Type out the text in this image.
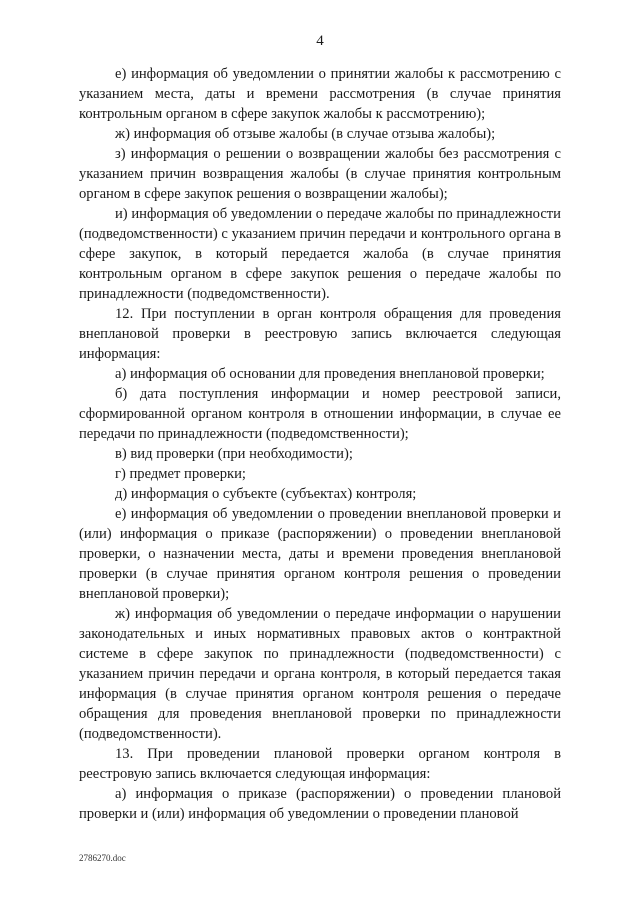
4

е) информация об уведомлении о принятии жалобы к рассмотрению с указанием места, даты и времени рассмотрения (в случае принятия контрольным органом в сфере закупок жалобы к рассмотрению);

ж) информация об отзыве жалобы (в случае отзыва жалобы);

з) информация о решении о возвращении жалобы без рассмотрения с указанием причин возвращения жалобы (в случае принятия контрольным органом в сфере закупок решения о возвращении жалобы);

и) информация об уведомлении о передаче жалобы по принадлежности (подведомственности) с указанием причин передачи и контрольного органа в сфере закупок, в который передается жалоба (в случае принятия контрольным органом в сфере закупок решения о передаче жалобы по принадлежности (подведомственности).

12. При поступлении в орган контроля обращения для проведения внеплановой проверки в реестровую запись включается следующая информация:

а) информация об основании для проведения внеплановой проверки;

б) дата поступления информации и номер реестровой записи, сформированной органом контроля в отношении информации, в случае ее передачи по принадлежности (подведомственности);

в) вид проверки (при необходимости);

г) предмет проверки;

д) информация о субъекте (субъектах) контроля;

е) информация об уведомлении о проведении внеплановой проверки и (или) информация о приказе (распоряжении) о проведении внеплановой проверки, о назначении места, даты и времени проведения внеплановой проверки (в случае принятия органом контроля решения о проведении внеплановой проверки);

ж) информация об уведомлении о передаче информации о нарушении законодательных и иных нормативных правовых актов о контрактной системе в сфере закупок по принадлежности (подведомственности) с указанием причин передачи и органа контроля, в который передается такая информация (в случае принятия органом контроля решения о передаче обращения для проведения внеплановой проверки по принадлежности (подведомственности).

13. При проведении плановой проверки органом контроля в реестровую запись включается следующая информация:

а) информация о приказе (распоряжении) о проведении плановой проверки и (или) информация об уведомлении о проведении плановой

2786270.doc
